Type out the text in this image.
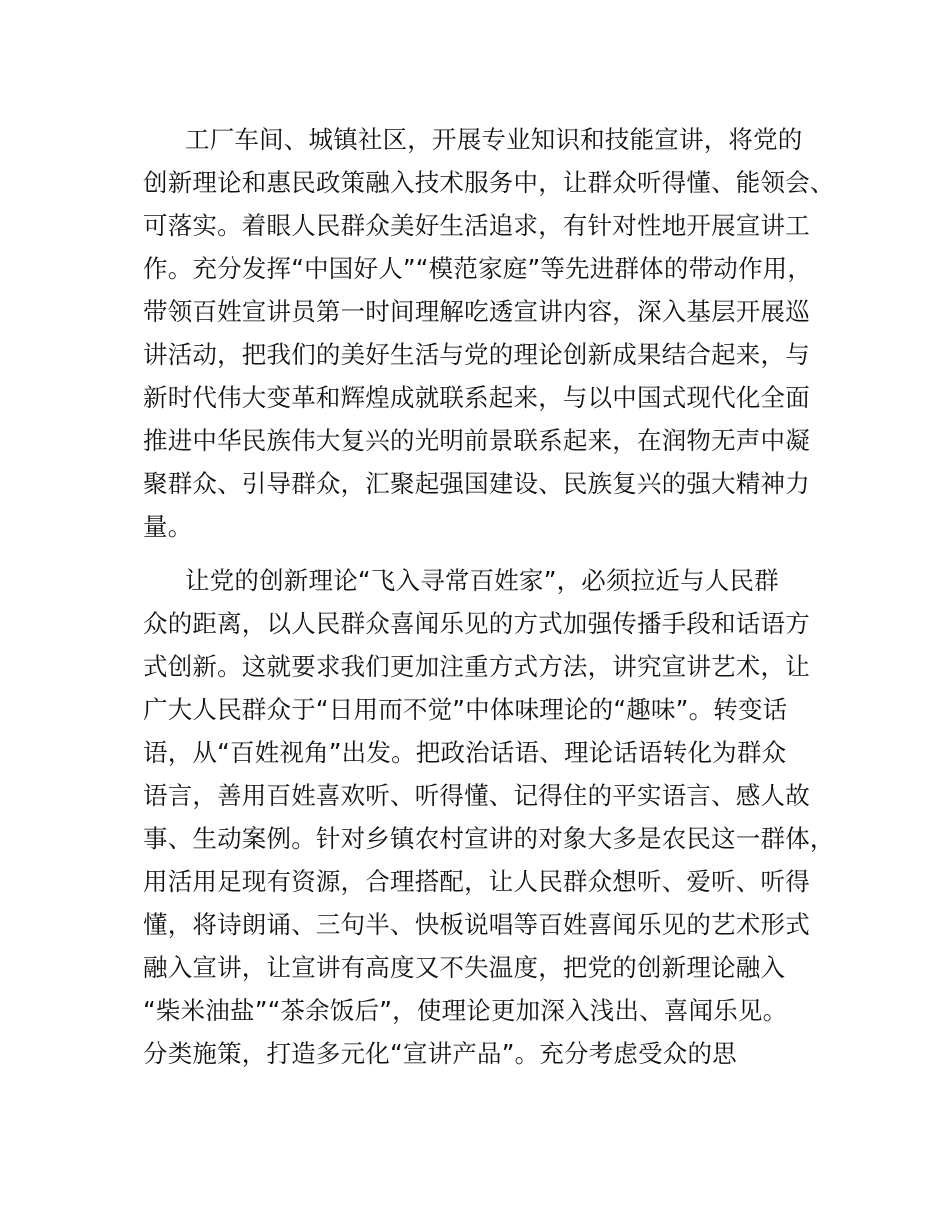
工厂车间、城镇社区，开展专业知识和技能宣讲，将党的
创新理论和惠民政策融入技术服务中，让群众听得懂、能领会、
可落实。着眼人民群众美好生活追求，有针对性地开展宣讲工
作。充分发挥“中国好人”“模范家庭”等先进群体的带动作用，
带领百姓宣讲员第一时间理解吃透宣讲内容，深入基层开展巡
讲活动，把我们的美好生活与党的理论创新成果结合起来，与
新时代伟大变革和辉煌成就联系起来，与以中国式现代化全面
推进中华民族伟大复兴的光明前景联系起来，在润物无声中凝
聚群众、引导群众，汇聚起强国建设、民族复兴的强大精神力
量。
让党的创新理论“飞入寻常百姓家”，必须拉近与人民群
众的距离，以人民群众喜闻乐见的方式加强传播手段和话语方
式创新。这就要求我们更加注重方式方法，讲究宣讲艺术，让
广大人民群众于“日用而不觉”中体味理论的“趣味”。转变话
语，从“百姓视角”出发。把政治话语、理论话语转化为群众
语言，善用百姓喜欢听、听得懂、记得住的平实语言、感人故
事、生动案例。针对乡镇农村宣讲的对象大多是农民这一群体，
用活用足现有资源，合理搭配，让人民群众想听、爱听、听得
懂，将诗朗诵、三句半、快板说唱等百姓喜闻乐见的艺术形式
融入宣讲，让宣讲有高度又不失温度，把党的创新理论融入
“柴米油盐”“茶余饭后”，使理论更加深入浅出、喜闻乐见。
分类施策，打造多元化“宣讲产品”。充分考虑受众的思
